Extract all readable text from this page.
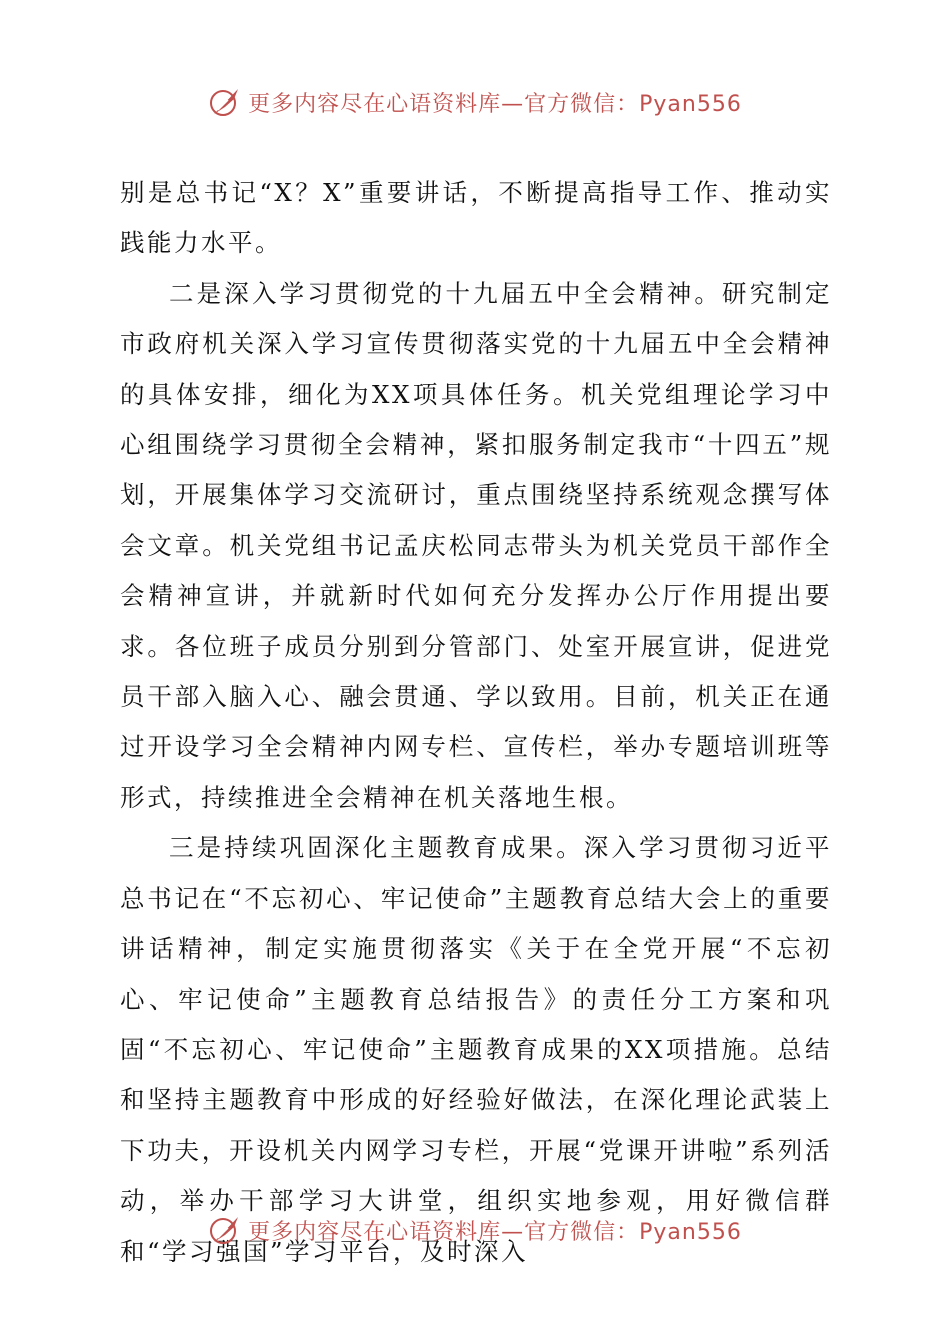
更多内容尽在心语资料库—官方微信：Pyan556

别是总书记“X？X”重要讲话，不断提高指导工作、推动实践能力水平。

二是深入学习贯彻党的十九届五中全会精神。研究制定市政府机关深入学习宣传贯彻落实党的十九届五中全会精神的具体安排，细化为XX项具体任务。机关党组理论学习中心组围绕学习贯彻全会精神，紧扣服务制定我市“十四五”规划，开展集体学习交流研讨，重点围绕坚持系统观念撰写体会文章。机关党组书记孟庆松同志带头为机关党员干部作全会精神宣讲，并就新时代如何充分发挥办公厅作用提出要求。各位班子成员分别到分管部门、处室开展宣讲，促进党员干部入脑入心、融会贯通、学以致用。目前，机关正在通过开设学习全会精神内网专栏、宣传栏，举办专题培训班等形式，持续推进全会精神在机关落地生根。

三是持续巩固深化主题教育成果。深入学习贯彻习近平总书记在“不忘初心、牢记使命”主题教育总结大会上的重要讲话精神，制定实施贯彻落实《关于在全党开展“不忘初心、牢记使命”主题教育总结报告》的责任分工方案和巩固“不忘初心、牢记使命”主题教育成果的XX项措施。总结和坚持主题教育中形成的好经验好做法，在深化理论武装上下功夫，开设机关内网学习专栏，开展“党课开讲啦”系列活动，举办干部学习大讲堂，组织实地参观，用好微信群和“学习强国”学习平台，及时深入

更多内容尽在心语资料库—官方微信：Pyan556
